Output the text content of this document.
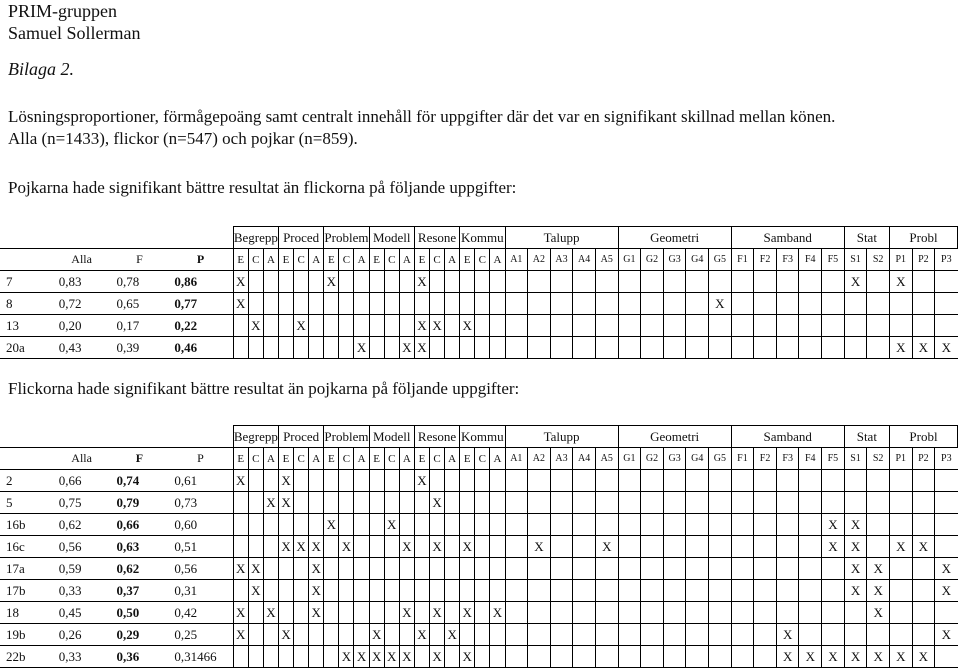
PRIM-gruppen
Samuel Sollerman
Bilaga 2.
Lösningsproportioner, förmågepoäng samt centralt innehåll för uppgifter där det var en signifikant skillnad mellan könen.
Alla (n=1433), flickor (n=547) och pojkar (n=859).
Pojkarna hade signifikant bättre resultat än flickorna på följande uppgifter:
				Begrepp			Proced			Problem			Modell			Resone			Kommu			Talupp					Geometri					Samband					Stat		Probl		
	Alla	F	P	E	C	A	E	C	A	E	C	A	E	C	A	E	C	A	E	C	A	A1	A2	A3	A4	A5	G1	G2	G3	G4	G5	F1	F2	F3	F4	F5	S1	S2	P1	P2	P3
7	0,83	0,78	0,86	X						X						X																					X		X		
8	0,72	0,65	0,77	X																											X										
13	0,20	0,17	0,22		X			X								X	X		X																						
20a	0,43	0,39	0,46									X			X	X																							X	X	X
Flickorna hade signifikant bättre resultat än pojkarna på följande uppgifter:
				Begrepp			Proced			Problem			Modell			Resone			Kommu			Talupp					Geometri					Samband					Stat		Probl		
	Alla	F	P	E	C	A	E	C	A	E	C	A	E	C	A	E	C	A	E	C	A	A1	A2	A3	A4	A5	G1	G2	G3	G4	G5	F1	F2	F3	F4	F5	S1	S2	P1	P2	P3
2	0,66	0,74	0,61	X			X									X																									
5	0,75	0,79	0,73			X	X										X																								
16b	0,62	0,66	0,60							X				X																						X	X				
16c	0,56	0,63	0,51				X	X	X		X				X		X		X				X			X										X	X		X	X	
17a	0,59	0,62	0,56	X	X				X																												X	X			X
17b	0,33	0,37	0,31		X				X																												X	X			X
18	0,45	0,50	0,42	X		X			X						X		X		X		X																	X			
19b	0,26	0,29	0,25	X			X						X			X		X																X							X
22b	0,33	0,36	0,31466								X	X	X	X	X		X		X															X	X	X	X	X	X	X	
